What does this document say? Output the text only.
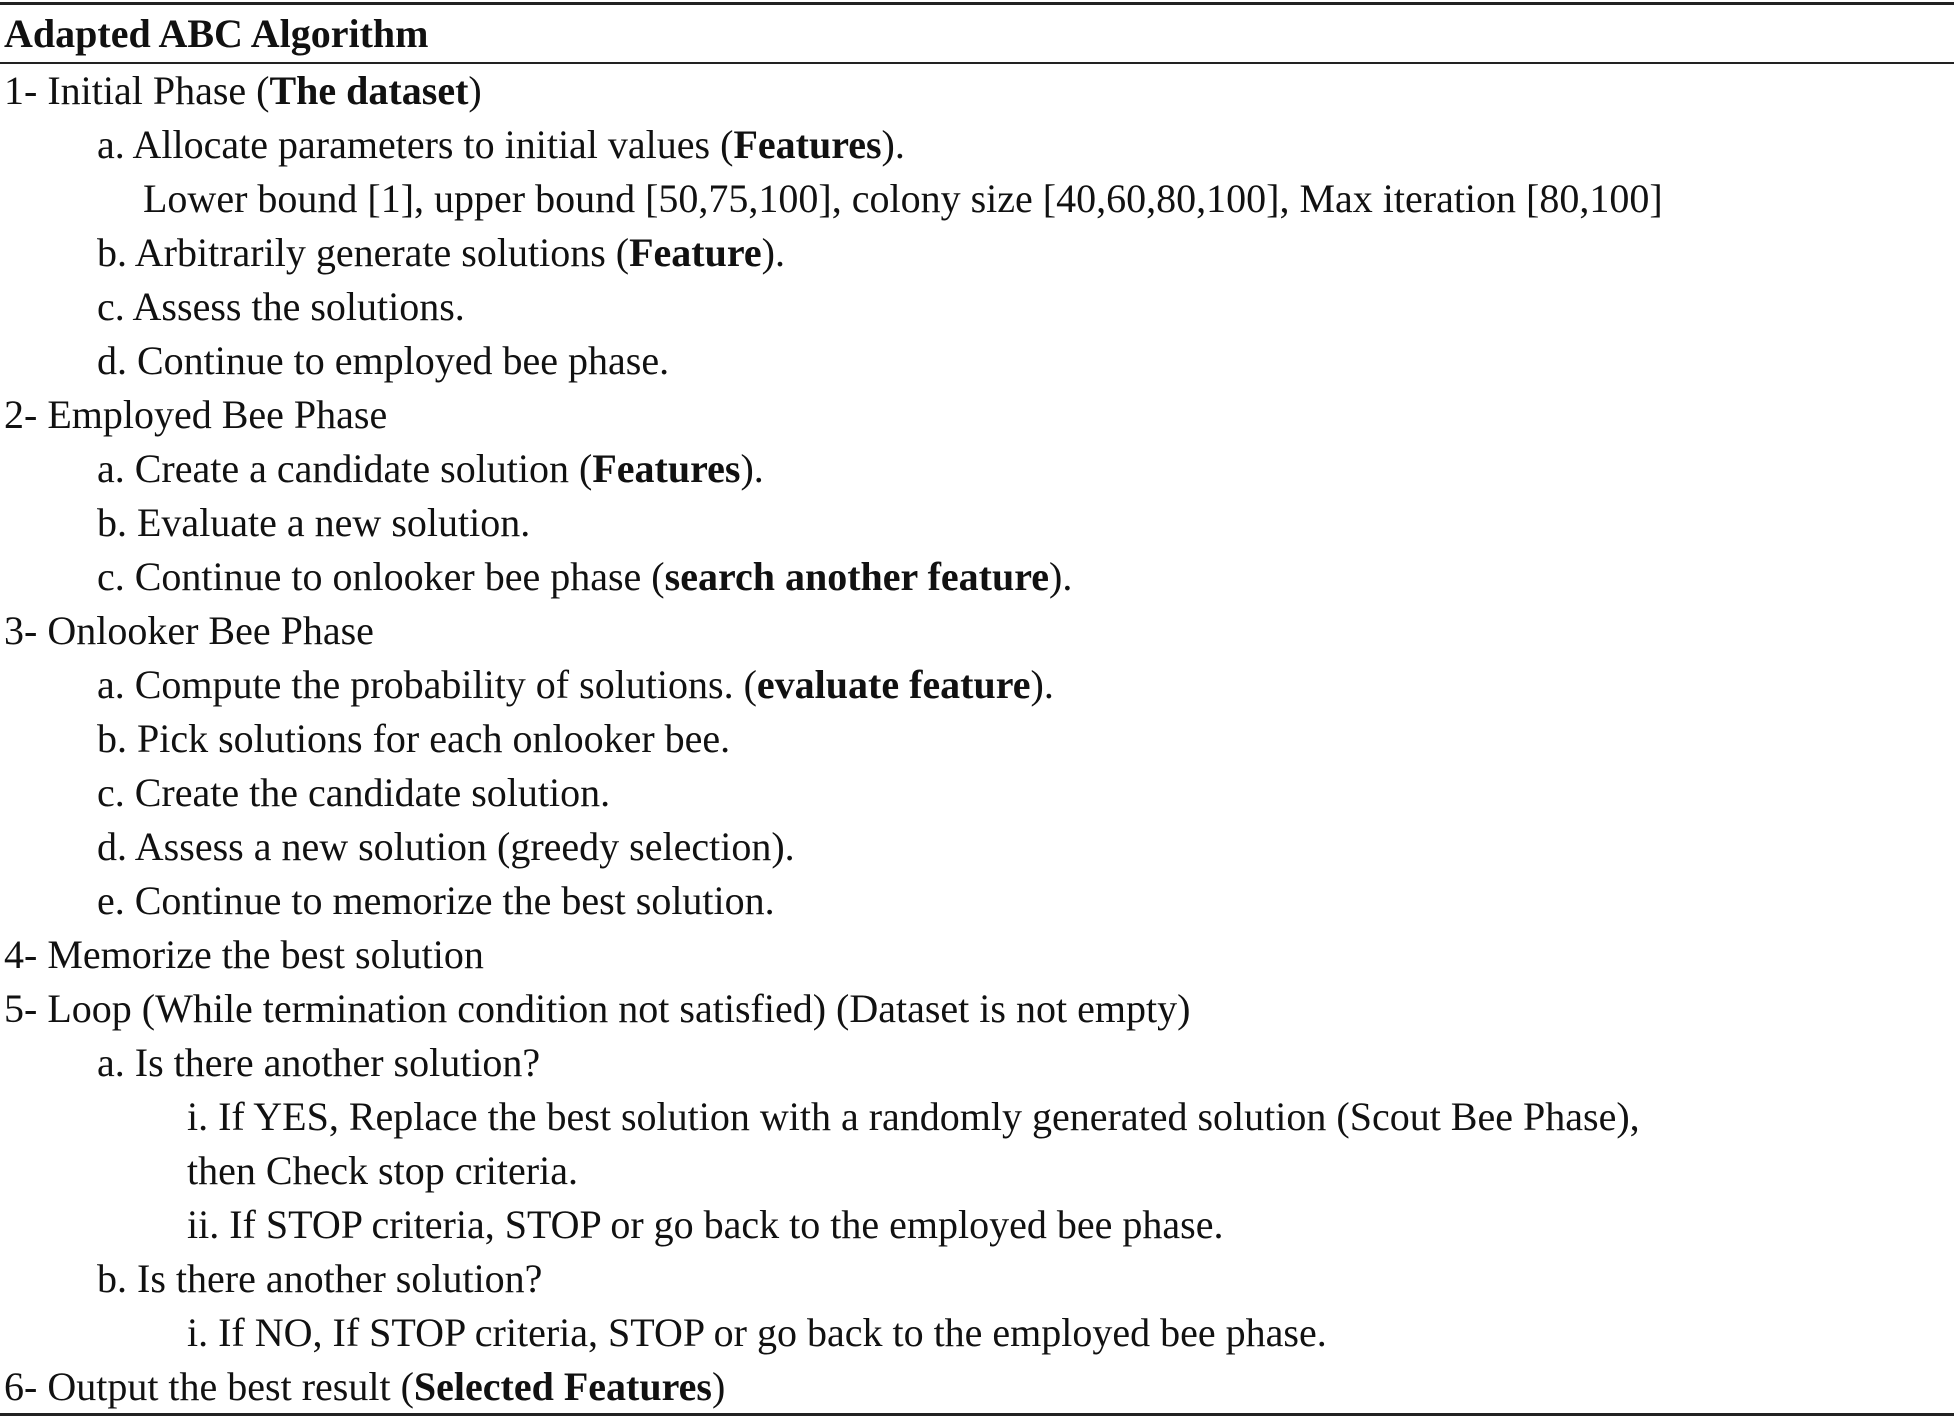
Adapted ABC Algorithm
1- Initial Phase (The dataset)
a. Allocate parameters to initial values (Features).
Lower bound [1], upper bound [50,75,100], colony size [40,60,80,100], Max iteration [80,100]
b. Arbitrarily generate solutions (Feature).
c. Assess the solutions.
d. Continue to employed bee phase.
2- Employed Bee Phase
a. Create a candidate solution (Features).
b. Evaluate a new solution.
c. Continue to onlooker bee phase (search another feature).
3- Onlooker Bee Phase
a. Compute the probability of solutions. (evaluate feature).
b. Pick solutions for each onlooker bee.
c. Create the candidate solution.
d. Assess a new solution (greedy selection).
e. Continue to memorize the best solution.
4- Memorize the best solution
5- Loop (While termination condition not satisfied) (Dataset is not empty)
a. Is there another solution?
i. If YES, Replace the best solution with a randomly generated solution (Scout Bee Phase),
then Check stop criteria.
ii. If STOP criteria, STOP or go back to the employed bee phase.
b. Is there another solution?
i. If NO, If STOP criteria, STOP or go back to the employed bee phase.
6- Output the best result (Selected Features)
